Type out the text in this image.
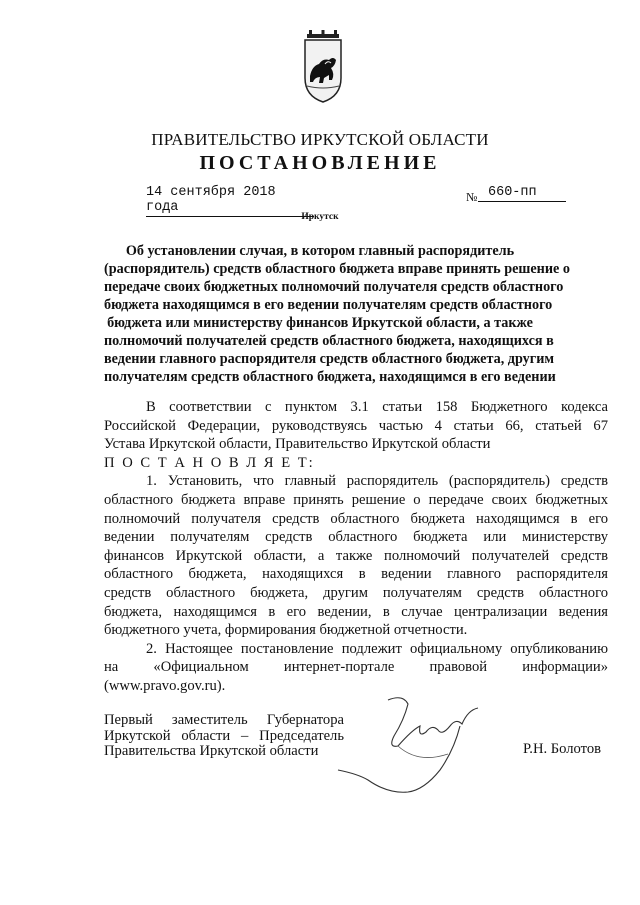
ПРАВИТЕЛЬСТВО ИРКУТСКОЙ ОБЛАСТИ
ПОСТАНОВЛЕНИЕ
14 сентября 2018 года
№ 660-пп
Иркутск
Об установлении случая, в котором главный распорядитель
(распорядитель) средств областного бюджета вправе принять решение о
передаче своих бюджетных полномочий получателя средств областного
бюджета находящимся в его ведении получателям средств областного
бюджета или министерству финансов Иркутской области, а также
полномочий получателей средств областного бюджета, находящихся в
ведении главного распорядителя средств областного бюджета, другим
получателям средств областного бюджета, находящимся в его ведении
В соответствии с пунктом 3.1 статьи 158 Бюджетного кодекса
Российской Федерации, руководствуясь частью 4 статьи 66, статьей 67
Устава Иркутской области, Правительство Иркутской области
П О С Т А Н О В Л Я Е Т:
1. Установить, что главный распорядитель (распорядитель) средств
областного бюджета вправе принять решение о передаче своих бюджетных
полномочий получателя средств областного бюджета находящимся в его
ведении получателям средств областного бюджета или министерству
финансов Иркутской области, а также полномочий получателей средств
областного бюджета, находящихся в ведении главного распорядителя
средств областного бюджета, другим получателям средств областного
бюджета, находящимся в его ведении, в случае централизации ведения
бюджетного учета, формирования бюджетной отчетности.
2. Настоящее постановление подлежит официальному опубликованию
на «Официальном интернет-портале правовой информации»
(www.pravo.gov.ru).
Первый заместитель Губернатора
Иркутской области – Председатель
Правительства Иркутской области	Р.Н. Болотов
